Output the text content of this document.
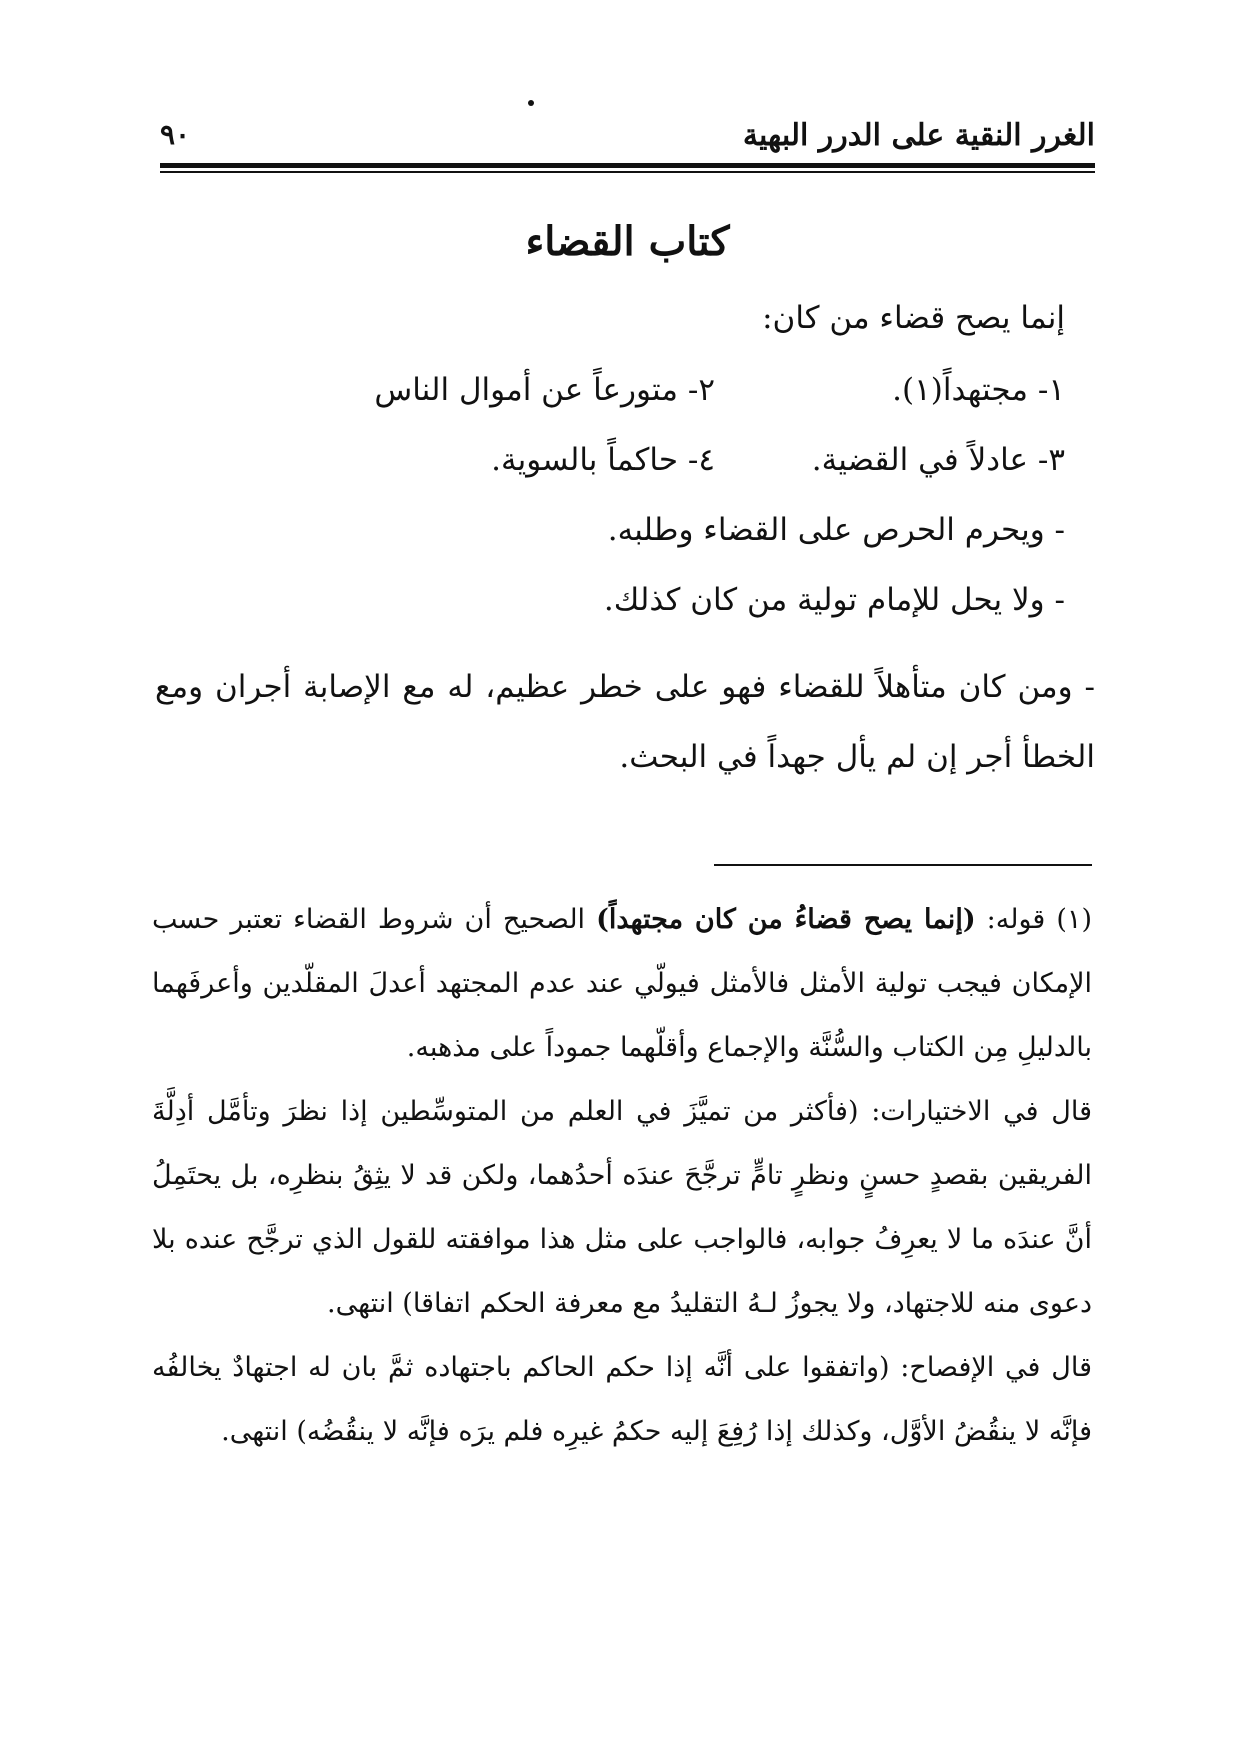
٩٠	الغرر النقية على الدرر البهية
كتاب القضاء
إنما يصح قضاء من كان:
١- مجتهداً(١).
٢- متورعاً عن أموال الناس
٣- عادلاً في القضية.
٤- حاكماً بالسوية.
- ويحرم الحرص على القضاء وطلبه.
- ولا يحل للإمام تولية من كان كذلك.
- ومن كان متأهلاً للقضاء فهو على خطر عظيم، له مع الإصابة أجران ومع الخطأ أجر إن لم يأل جهداً في البحث.

(١) قوله: (إنما يصح قضاءُ من كان مجتهداً) الصحيح أن شروط القضاء تعتبر حسب الإمكان فيجب تولية الأمثل فالأمثل فيولّي عند عدم المجتهد أعدلَ المقلّدين وأعرفَهما بالدليلِ مِن الكتاب والسُّنَّة والإجماع وأقلّهما جموداً على مذهبه.

قال في الاختيارات: (فأكثر من تميَّزَ في العلم من المتوسِّطين إذا نظرَ وتأمَّل أدِلَّةَ الفريقين بقصدٍ حسنٍ ونظرٍ تامٍّ ترجَّحَ عندَه أحدُهما، ولكن قد لا يثِقُ بنظرِه، بل يحتَمِلُ أنَّ عندَه ما لا يعرِفُ جوابه، فالواجب على مثل هذا موافقته للقول الذي ترجَّح عنده بلا دعوى منه للاجتهاد، ولا يجوزُ لـهُ التقليدُ مع معرفة الحكم اتفاقا) انتهى.

قال في الإفصاح: (واتفقوا على أنَّه إذا حكم الحاكم باجتهاده ثمَّ بان له اجتهادٌ يخالفُه فإنَّه لا ينقُضُ الأوَّل، وكذلك إذا رُفِعَ إليه حكمُ غيرِه فلم يرَه فإنَّه لا ينقُضُه) انتهى.
